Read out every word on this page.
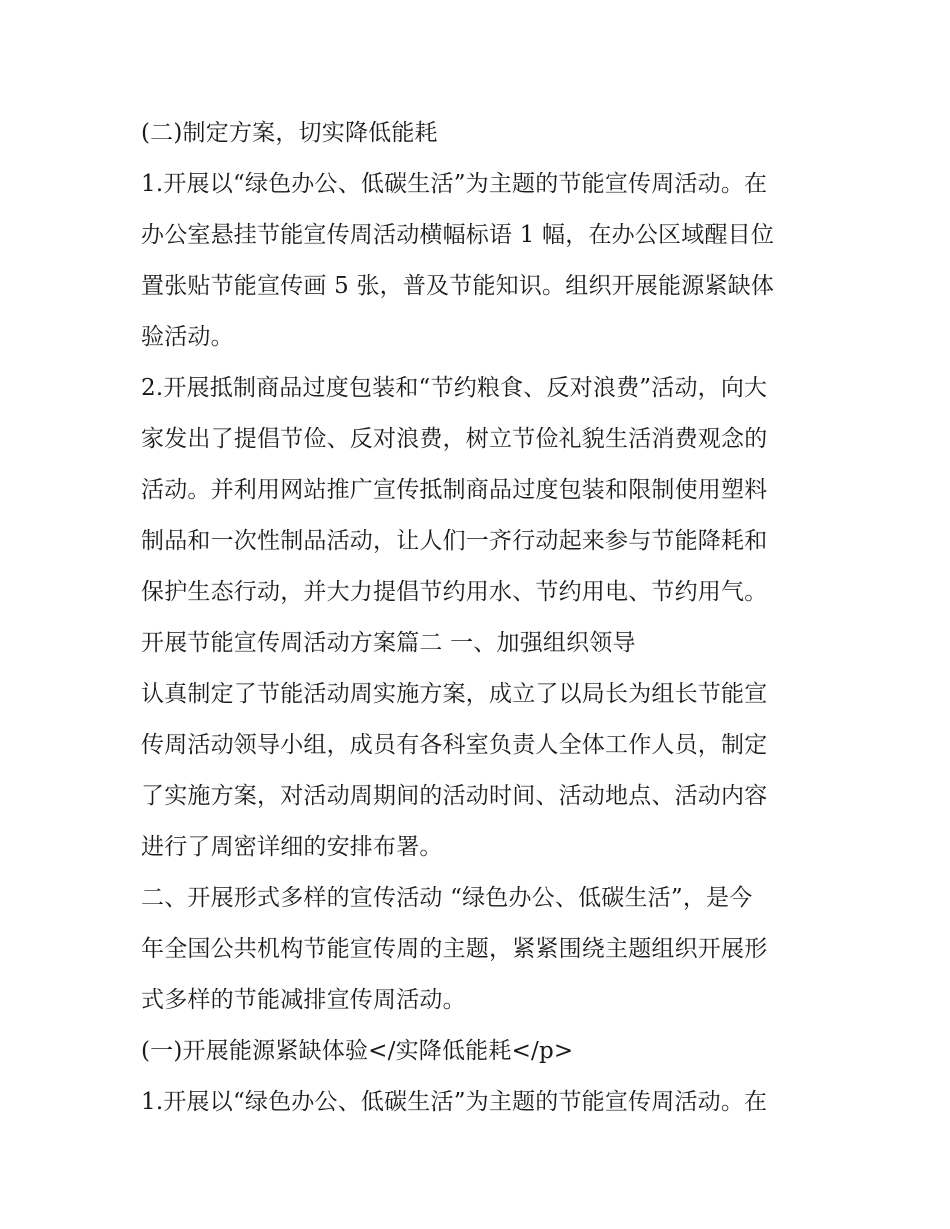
(二)制定方案，切实降低能耗
1.开展以“绿色办公、低碳生活”为主题的节能宣传周活动。在
办公室悬挂节能宣传周活动横幅标语 1 幅，在办公区域醒目位
置张贴节能宣传画 5 张，普及节能知识。组织开展能源紧缺体
验活动。
2.开展抵制商品过度包装和“节约粮食、反对浪费”活动，向大
家发出了提倡节俭、反对浪费，树立节俭礼貌生活消费观念的
活动。并利用网站推广宣传抵制商品过度包装和限制使用塑料
制品和一次性制品活动，让人们一齐行动起来参与节能降耗和
保护生态行动，并大力提倡节约用水、节约用电、节约用气。
开展节能宣传周活动方案篇二 一、加强组织领导
认真制定了节能活动周实施方案，成立了以局长为组长节能宣
传周活动领导小组，成员有各科室负责人全体工作人员，制定
了实施方案，对活动周期间的活动时间、活动地点、活动内容
进行了周密详细的安排布署。
二、开展形式多样的宣传活动 “绿色办公、低碳生活”，是今
年全国公共机构节能宣传周的主题，紧紧围绕主题组织开展形
式多样的节能减排宣传周活动。
(一)开展能源紧缺体验</实降低能耗</p>
1.开展以“绿色办公、低碳生活”为主题的节能宣传周活动。在
